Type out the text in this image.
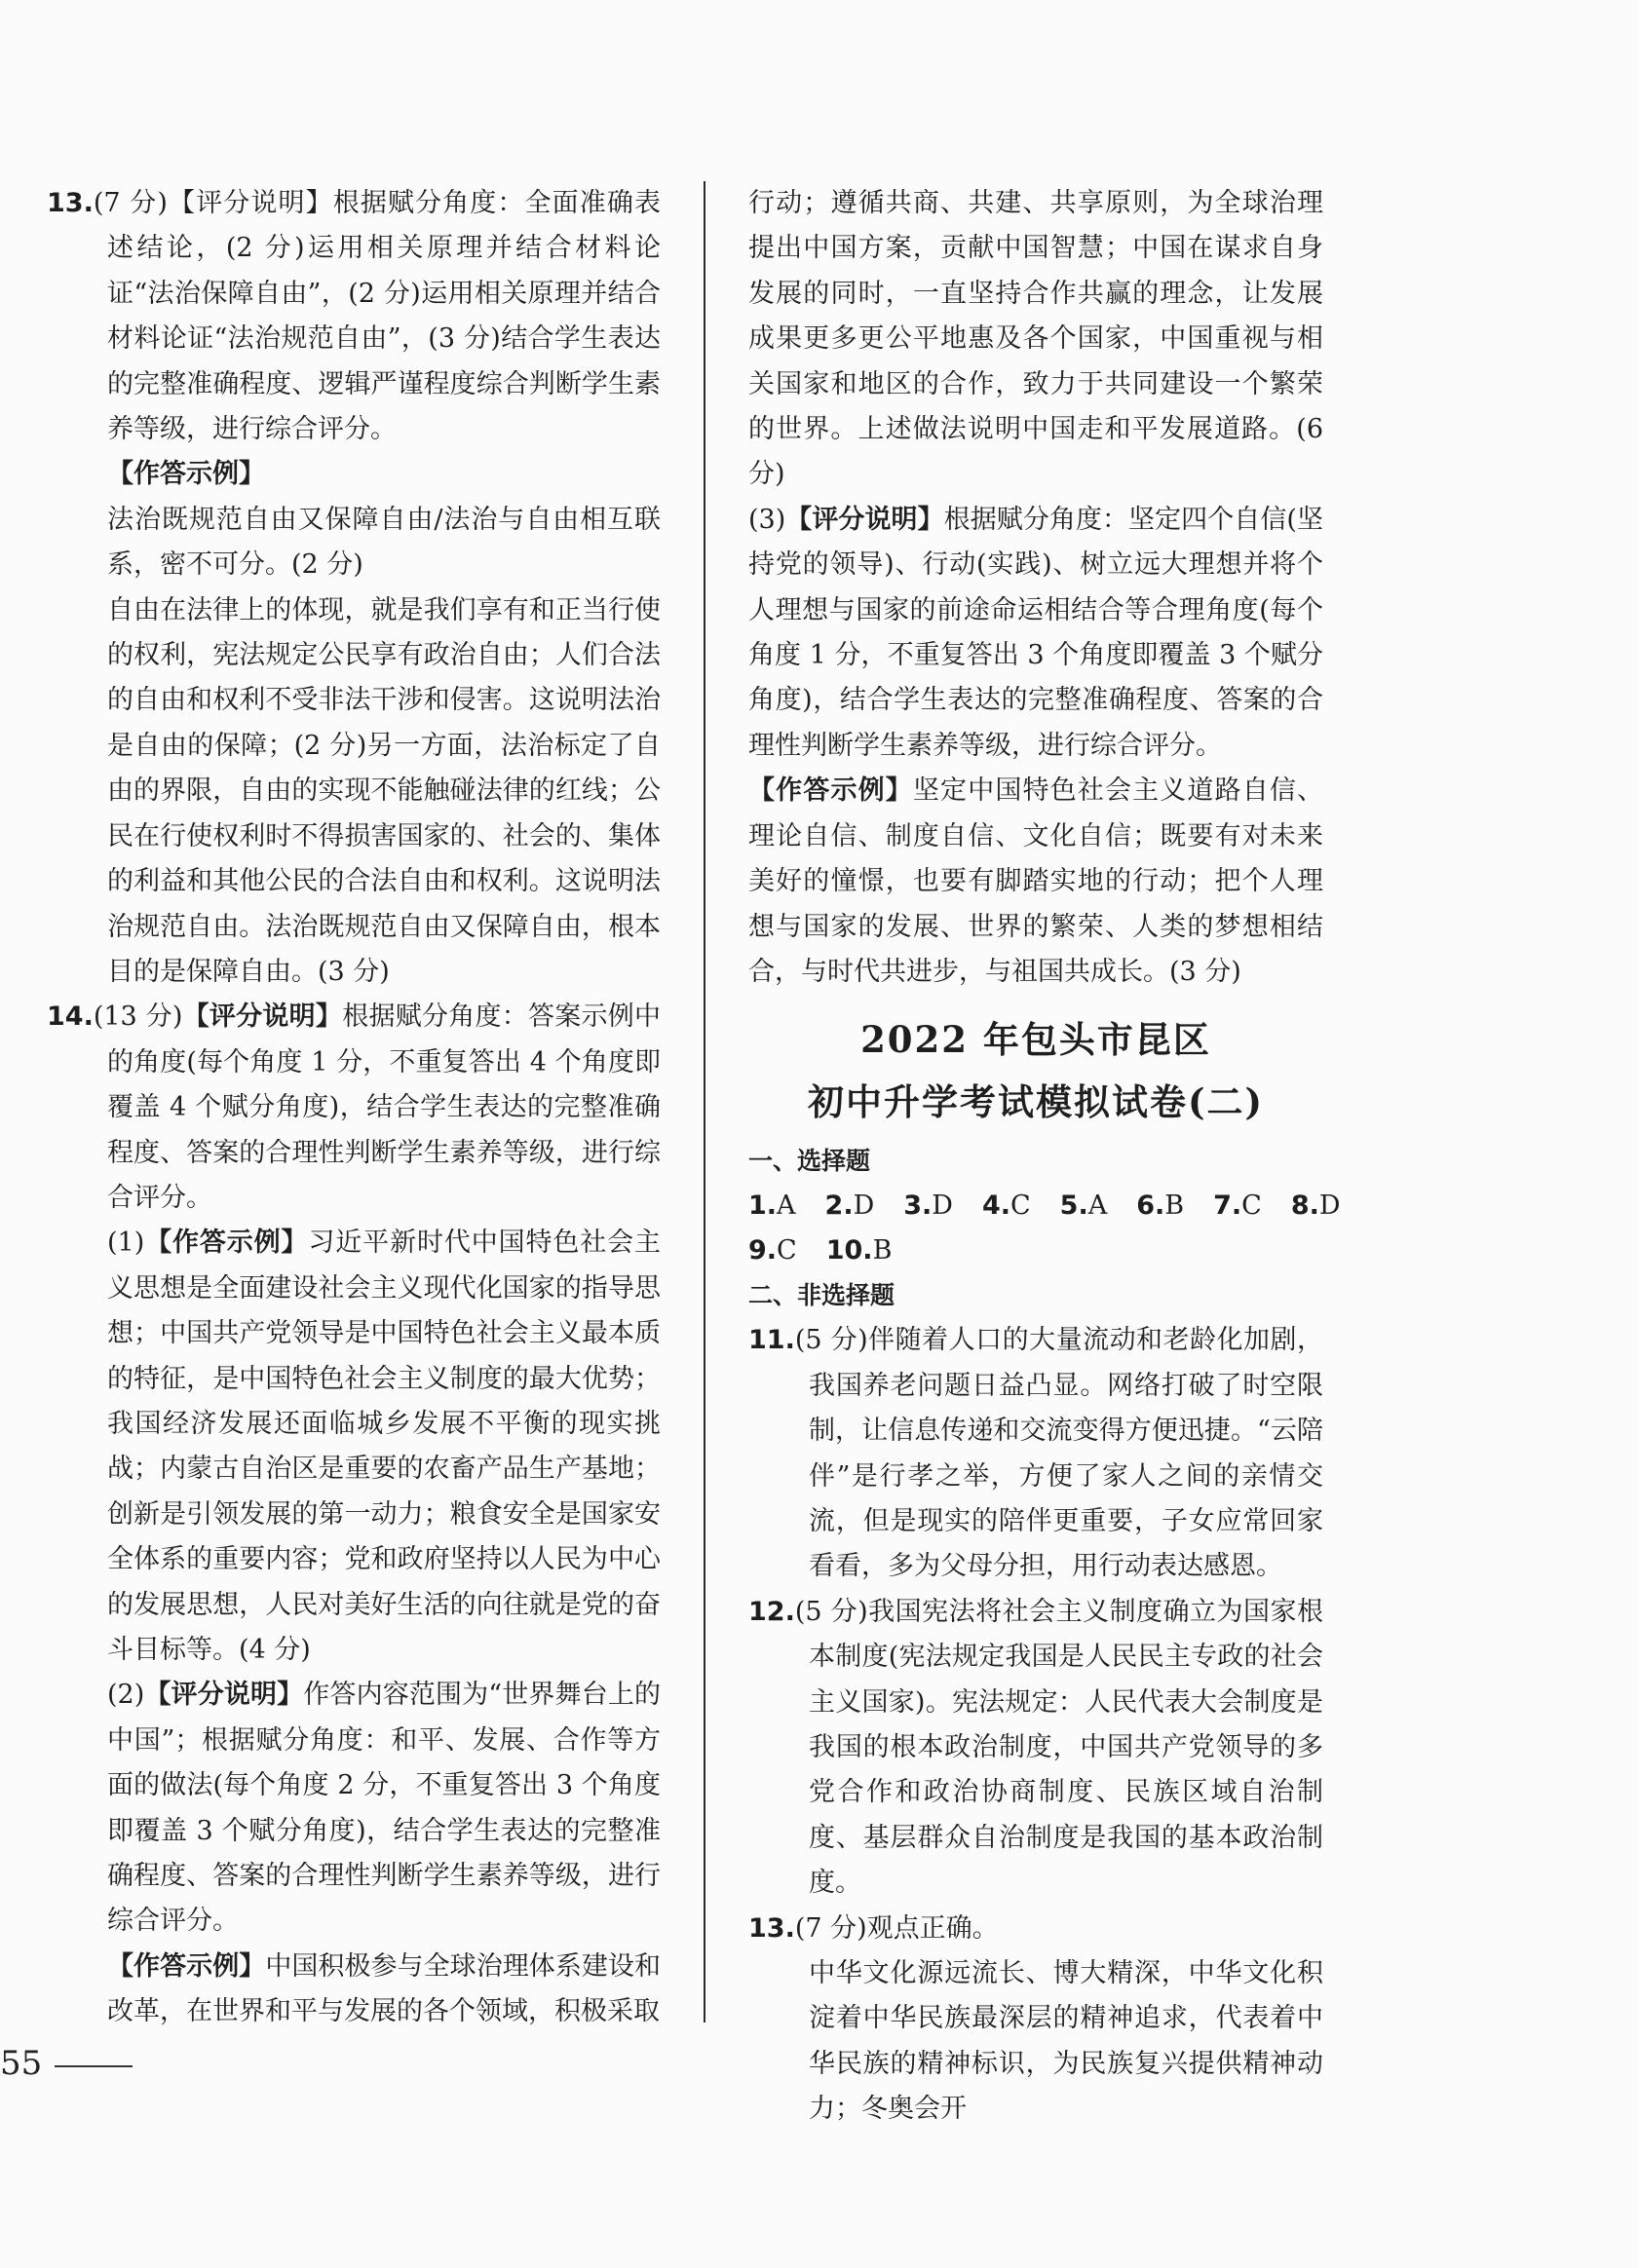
13.(7 分)【评分说明】根据赋分角度：全面准确表述结论，(2 分)运用相关原理并结合材料论证“法治保障自由”，(2 分)运用相关原理并结合材料论证“法治规范自由”，(3 分)结合学生表达的完整准确程度、逻辑严谨程度综合判断学生素养等级，进行综合评分。

【作答示例】

法治既规范自由又保障自由/法治与自由相互联系，密不可分。(2 分)

自由在法律上的体现，就是我们享有和正当行使的权利，宪法规定公民享有政治自由；人们合法的自由和权利不受非法干涉和侵害。这说明法治是自由的保障；(2 分)另一方面，法治标定了自由的界限，自由的实现不能触碰法律的红线；公民在行使权利时不得损害国家的、社会的、集体的利益和其他公民的合法自由和权利。这说明法治规范自由。法治既规范自由又保障自由，根本目的是保障自由。(3 分)

14.(13 分)【评分说明】根据赋分角度：答案示例中的角度(每个角度 1 分，不重复答出 4 个角度即覆盖 4 个赋分角度)，结合学生表达的完整准确程度、答案的合理性判断学生素养等级，进行综合评分。

(1)【作答示例】习近平新时代中国特色社会主义思想是全面建设社会主义现代化国家的指导思想；中国共产党领导是中国特色社会主义最本质的特征，是中国特色社会主义制度的最大优势；我国经济发展还面临城乡发展不平衡的现实挑战；内蒙古自治区是重要的农畜产品生产基地；创新是引领发展的第一动力；粮食安全是国家安全体系的重要内容；党和政府坚持以人民为中心的发展思想，人民对美好生活的向往就是党的奋斗目标等。(4 分)

(2)【评分说明】作答内容范围为“世界舞台上的中国”；根据赋分角度：和平、发展、合作等方面的做法(每个角度 2 分，不重复答出 3 个角度即覆盖 3 个赋分角度)，结合学生表达的完整准确程度、答案的合理性判断学生素养等级，进行综合评分。

【作答示例】中国积极参与全球治理体系建设和改革，在世界和平与发展的各个领域，积极采取

行动；遵循共商、共建、共享原则，为全球治理提出中国方案，贡献中国智慧；中国在谋求自身发展的同时，一直坚持合作共赢的理念，让发展成果更多更公平地惠及各个国家，中国重视与相关国家和地区的合作，致力于共同建设一个繁荣的世界。上述做法说明中国走和平发展道路。(6 分)

(3)【评分说明】根据赋分角度：坚定四个自信(坚持党的领导)、行动(实践)、树立远大理想并将个人理想与国家的前途命运相结合等合理角度(每个角度 1 分，不重复答出 3 个角度即覆盖 3 个赋分角度)，结合学生表达的完整准确程度、答案的合理性判断学生素养等级，进行综合评分。

【作答示例】坚定中国特色社会主义道路自信、理论自信、制度自信、文化自信；既要有对未来美好的憧憬，也要有脚踏实地的行动；把个人理想与国家的发展、世界的繁荣、人类的梦想相结合，与时代共进步，与祖国共成长。(3 分)

2022 年包头市昆区
初中升学考试模拟试卷(二)
一、选择题
1.A 2.D 3.D 4.C 5.A 6.B 7.C 8.D
9.C 10.B
二、非选择题

11.(5 分)伴随着人口的大量流动和老龄化加剧，我国养老问题日益凸显。网络打破了时空限制，让信息传递和交流变得方便迅捷。“云陪伴”是行孝之举，方便了家人之间的亲情交流，但是现实的陪伴更重要，子女应常回家看看，多为父母分担，用行动表达感恩。

12.(5 分)我国宪法将社会主义制度确立为国家根本制度(宪法规定我国是人民民主专政的社会主义国家)。宪法规定：人民代表大会制度是我国的根本政治制度，中国共产党领导的多党合作和政治协商制度、民族区域自治制度、基层群众自治制度是我国的基本政治制度。

13.(7 分)观点正确。

中华文化源远流长、博大精深，中华文化积淀着中华民族最深层的精神追求，代表着中华民族的精神标识，为民族复兴提供精神动力；冬奥会开

55
